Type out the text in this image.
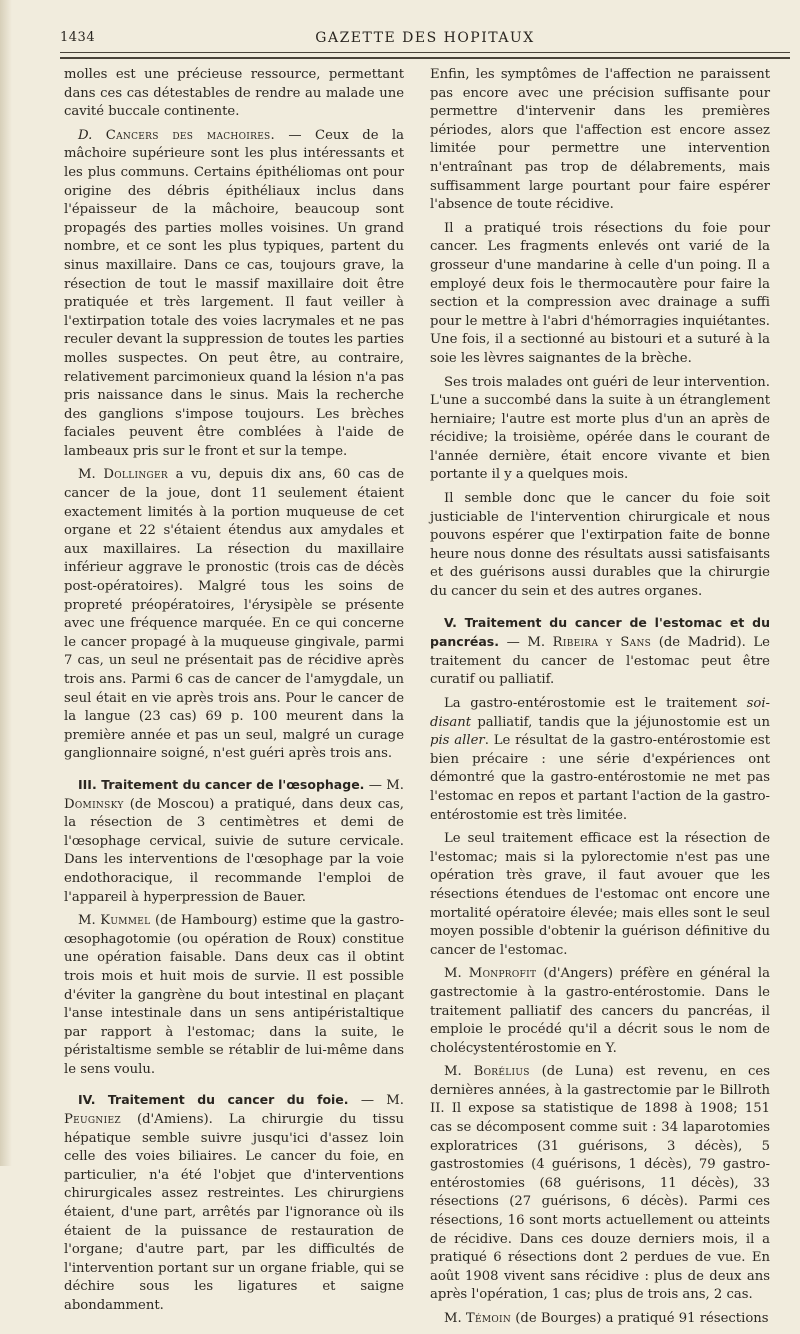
1434	GAZETTE DES HOPITAUX

molles est une précieuse ressource, permettant dans ces cas détestables de rendre au malade une cavité buccale continente.

D. Cancers des machoires. — Ceux de la mâchoire supérieure sont les plus intéressants et les plus communs. Certains épithéliomas ont pour origine des débris épithéliaux inclus dans l'épaisseur de la mâchoire, beaucoup sont propagés des parties molles voisines. Un grand nombre, et ce sont les plus typiques, partent du sinus maxillaire. Dans ce cas, toujours grave, la résection de tout le massif maxillaire doit être pratiquée et très largement. Il faut veiller à l'extirpation totale des voies lacrymales et ne pas reculer devant la suppression de toutes les parties molles suspectes. On peut être, au contraire, relativement parcimonieux quand la lésion n'a pas pris naissance dans le sinus. Mais la recherche des ganglions s'impose toujours. Les brèches faciales peuvent être comblées à l'aide de lambeaux pris sur le front et sur la tempe.

M. Dollinger a vu, depuis dix ans, 60 cas de cancer de la joue, dont 11 seulement étaient exactement limités à la portion muqueuse de cet organe et 22 s'étaient étendus aux amydales et aux maxillaires. La résection du maxillaire inférieur aggrave le pronostic (trois cas de décès post-opératoires). Malgré tous les soins de propreté préopératoires, l'érysipèle se présente avec une fréquence marquée. En ce qui concerne le cancer propagé à la muqueuse gingivale, parmi 7 cas, un seul ne présentait pas de récidive après trois ans. Parmi 6 cas de cancer de l'amygdale, un seul était en vie après trois ans. Pour le cancer de la langue (23 cas) 69 p. 100 meurent dans la première année et pas un seul, malgré un curage ganglionnaire soigné, n'est guéri après trois ans.

III. Traitement du cancer de l'œsophage. — M. Dominsky (de Moscou) a pratiqué, dans deux cas, la résection de 3 centimètres et demi de l'œsophage cervical, suivie de suture cervicale. Dans les interventions de l'œsophage par la voie endothoracique, il recommande l'emploi de l'appareil à hyperpression de Bauer.

M. Kummel (de Hambourg) estime que la gastro-œsophagotomie (ou opération de Roux) constitue une opération faisable. Dans deux cas il obtint trois mois et huit mois de survie. Il est possible d'éviter la gangrène du bout intestinal en plaçant l'anse intestinale dans un sens antipéristaltique par rapport à l'estomac; dans la suite, le péristaltisme semble se rétablir de lui-même dans le sens voulu.

IV. Traitement du cancer du foie. — M. Peugniez (d'Amiens). La chirurgie du tissu hépatique semble suivre jusqu'ici d'assez loin celle des voies biliaires. Le cancer du foie, en particulier, n'a été l'objet que d'interventions chirurgicales assez restreintes. Les chirurgiens étaient, d'une part, arrêtés par l'ignorance où ils étaient de la puissance de restauration de l'organe; d'autre part, par les difficultés de l'intervention portant sur un organe friable, qui se déchire sous les ligatures et saigne abondamment.

Enfin, les symptômes de l'affection ne paraissent pas encore avec une précision suffisante pour permettre d'intervenir dans les premières périodes, alors que l'affection est encore assez limitée pour permettre une intervention n'entraînant pas trop de délabrements, mais suffisamment large pourtant pour faire espérer l'absence de toute récidive.

Il a pratiqué trois résections du foie pour cancer. Les fragments enlevés ont varié de la grosseur d'une mandarine à celle d'un poing. Il a employé deux fois le thermocautère pour faire la section et la compression avec drainage a suffi pour le mettre à l'abri d'hémorragies inquiétantes. Une fois, il a sectionné au bistouri et a suturé à la soie les lèvres saignantes de la brèche.

Ses trois malades ont guéri de leur intervention. L'une a succombé dans la suite à un étranglement herniaire; l'autre est morte plus d'un an après de récidive; la troisième, opérée dans le courant de l'année dernière, était encore vivante et bien portante il y a quelques mois.

Il semble donc que le cancer du foie soit justiciable de l'intervention chirurgicale et nous pouvons espérer que l'extirpation faite de bonne heure nous donne des résultats aussi satisfaisants et des guérisons aussi durables que la chirurgie du cancer du sein et des autres organes.

V. Traitement du cancer de l'estomac et du pancréas. — M. Ribeira y Sans (de Madrid). Le traitement du cancer de l'estomac peut être curatif ou palliatif.

La gastro-entérostomie est le traitement soi-disant palliatif, tandis que la jéjunostomie est un pis aller. Le résultat de la gastro-entérostomie est bien précaire : une série d'expériences ont démontré que la gastro-entérostomie ne met pas l'estomac en repos et partant l'action de la gastro-entérostomie est très limitée.

Le seul traitement efficace est la résection de l'estomac; mais si la pylorectomie n'est pas une opération très grave, il faut avouer que les résections étendues de l'estomac ont encore une mortalité opératoire élevée; mais elles sont le seul moyen possible d'obtenir la guérison définitive du cancer de l'estomac.

M. Monprofit (d'Angers) préfère en général la gastrectomie à la gastro-entérostomie. Dans le traitement palliatif des cancers du pancréas, il emploie le procédé qu'il a décrit sous le nom de cholécystentérostomie en Y.

M. Borélius (de Luna) est revenu, en ces dernières années, à la gastrectomie par le Billroth II. Il expose sa statistique de 1898 à 1908; 151 cas se décomposent comme suit : 34 laparotomies exploratrices (31 guérisons, 3 décès), 5 gastrostomies (4 guérisons, 1 décès), 79 gastro-entérostomies (68 guérisons, 11 décès), 33 résections (27 guérisons, 6 décès). Parmi ces résections, 16 sont morts actuellement ou atteints de récidive. Dans ces douze derniers mois, il a pratiqué 6 résections dont 2 perdues de vue. En août 1908 vivent sans récidive : plus de deux ans après l'opération, 1 cas; plus de trois ans, 2 cas.

M. Témoin (de Bourges) a pratiqué 91 résections
